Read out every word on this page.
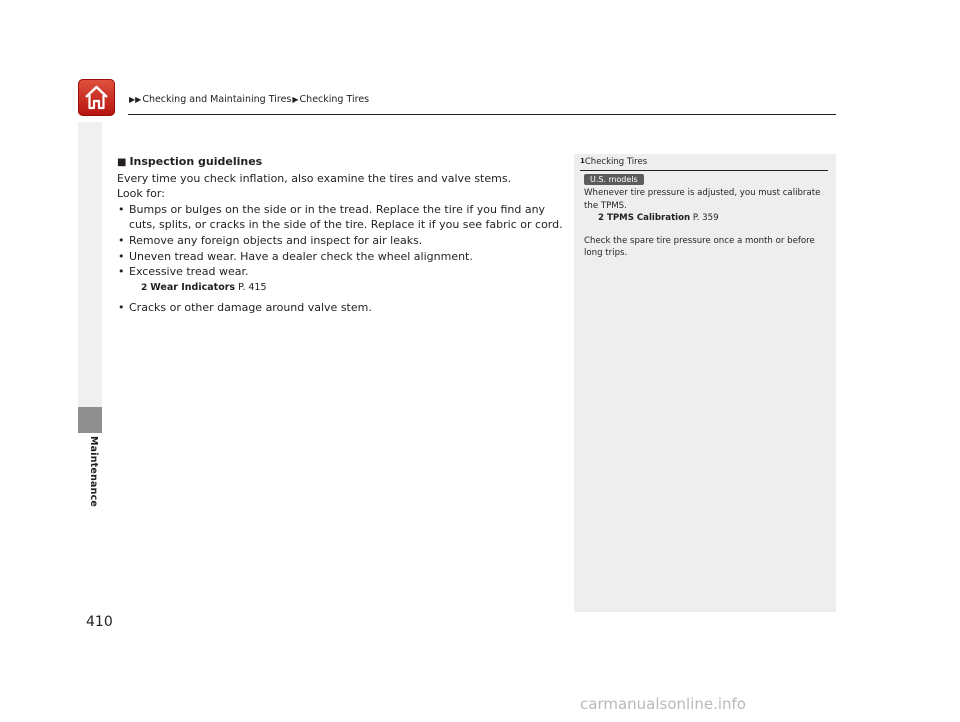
▶▶Checking and Maintaining Tires▶Checking Tires
Maintenance
■ Inspection guidelines
Every time you check inflation, also examine the tires and valve stems.
Look for:
• Bumps or bulges on the side or in the tread. Replace the tire if you find any cuts, splits, or cracks in the side of the tire. Replace it if you see fabric or cord.
• Remove any foreign objects and inspect for air leaks.
• Uneven tread wear. Have a dealer check the wheel alignment.
• Excessive tread wear.
2 Wear Indicators P. 415
• Cracks or other damage around valve stem.
$^1$Checking Tires
U.S. models
Whenever tire pressure is adjusted, you must calibrate the TPMS.
2 TPMS Calibration P. 359
Check the spare tire pressure once a month or before long trips.
410
carmanualsonline.info
